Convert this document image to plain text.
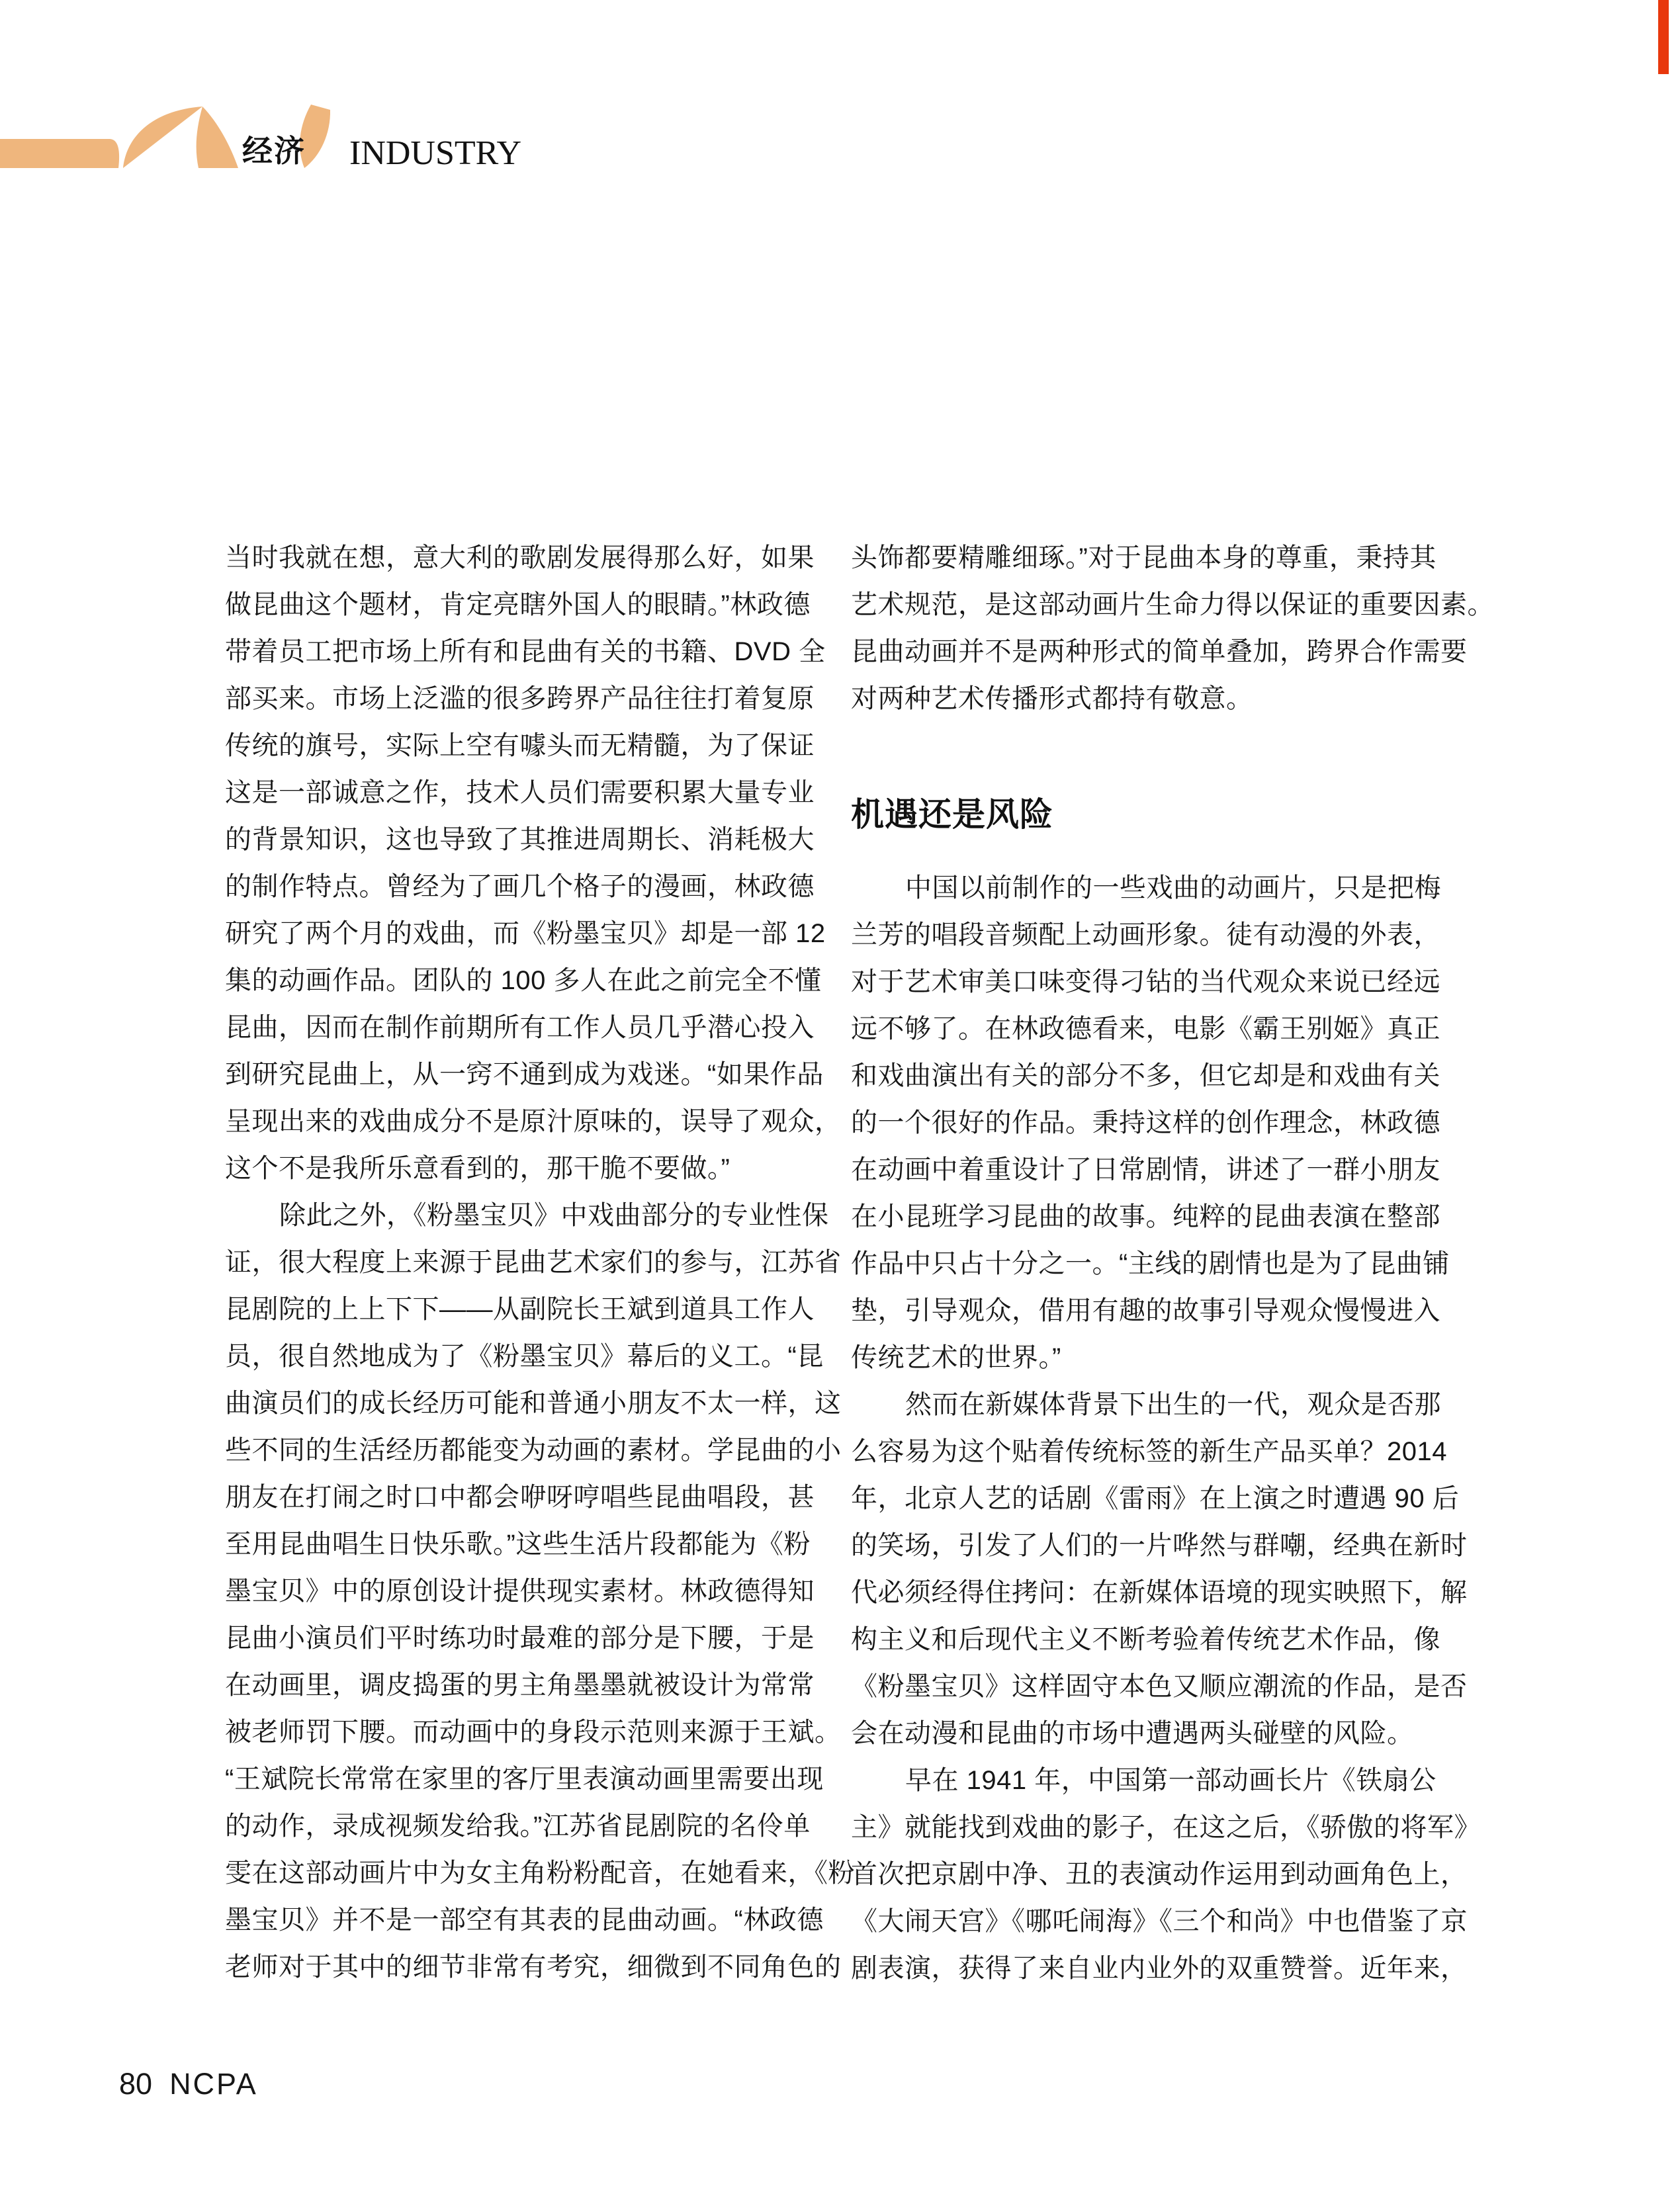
经济 INDUSTRY
当时我就在想，意大利的歌剧发展得那么好，如果
做昆曲这个题材，肯定亮瞎外国人的眼睛。”林政德
带着员工把市场上所有和昆曲有关的书籍、DVD 全
部买来。市场上泛滥的很多跨界产品往往打着复原
传统的旗号，实际上空有噱头而无精髓，为了保证
这是一部诚意之作，技术人员们需要积累大量专业
的背景知识，这也导致了其推进周期长、消耗极大
的制作特点。曾经为了画几个格子的漫画，林政德
研究了两个月的戏曲，而《粉墨宝贝》却是一部 12
集的动画作品。团队的 100 多人在此之前完全不懂
昆曲，因而在制作前期所有工作人员几乎潜心投入
到研究昆曲上，从一窍不通到成为戏迷。“如果作品
呈现出来的戏曲成分不是原汁原味的，误导了观众，
这个不是我所乐意看到的，那干脆不要做。”
除此之外，《粉墨宝贝》中戏曲部分的专业性保
证，很大程度上来源于昆曲艺术家们的参与，江苏省
昆剧院的上上下下——从副院长王斌到道具工作人
员，很自然地成为了《粉墨宝贝》幕后的义工。“昆
曲演员们的成长经历可能和普通小朋友不太一样，这
些不同的生活经历都能变为动画的素材。学昆曲的小
朋友在打闹之时口中都会咿呀哼唱些昆曲唱段，甚
至用昆曲唱生日快乐歌。”这些生活片段都能为《粉
墨宝贝》中的原创设计提供现实素材。林政德得知
昆曲小演员们平时练功时最难的部分是下腰，于是
在动画里，调皮捣蛋的男主角墨墨就被设计为常常
被老师罚下腰。而动画中的身段示范则来源于王斌。
“王斌院长常常在家里的客厅里表演动画里需要出现
的动作，录成视频发给我。”江苏省昆剧院的名伶单
雯在这部动画片中为女主角粉粉配音，在她看来，《粉
墨宝贝》并不是一部空有其表的昆曲动画。“林政德
老师对于其中的细节非常有考究，细微到不同角色的
头饰都要精雕细琢。”对于昆曲本身的尊重，秉持其
艺术规范，是这部动画片生命力得以保证的重要因素。
昆曲动画并不是两种形式的简单叠加，跨界合作需要
对两种艺术传播形式都持有敬意。
机遇还是风险
中国以前制作的一些戏曲的动画片，只是把梅
兰芳的唱段音频配上动画形象。徒有动漫的外表，
对于艺术审美口味变得刁钻的当代观众来说已经远
远不够了。在林政德看来，电影《霸王别姬》真正
和戏曲演出有关的部分不多，但它却是和戏曲有关
的一个很好的作品。秉持这样的创作理念，林政德
在动画中着重设计了日常剧情，讲述了一群小朋友
在小昆班学习昆曲的故事。纯粹的昆曲表演在整部
作品中只占十分之一。“主线的剧情也是为了昆曲铺
垫，引导观众，借用有趣的故事引导观众慢慢进入
传统艺术的世界。”
然而在新媒体背景下出生的一代，观众是否那
么容易为这个贴着传统标签的新生产品买单？2014
年，北京人艺的话剧《雷雨》在上演之时遭遇 90 后
的笑场，引发了人们的一片哗然与群嘲，经典在新时
代必须经得住拷问：在新媒体语境的现实映照下，解
构主义和后现代主义不断考验着传统艺术作品，像
《粉墨宝贝》这样固守本色又顺应潮流的作品，是否
会在动漫和昆曲的市场中遭遇两头碰壁的风险。
早在 1941 年，中国第一部动画长片《铁扇公
主》就能找到戏曲的影子，在这之后，《骄傲的将军》
首次把京剧中净、丑的表演动作运用到动画角色上，
《大闹天宫》《哪吒闹海》《三个和尚》中也借鉴了京
剧表演，获得了来自业内业外的双重赞誉。近年来，
80 NCPA
